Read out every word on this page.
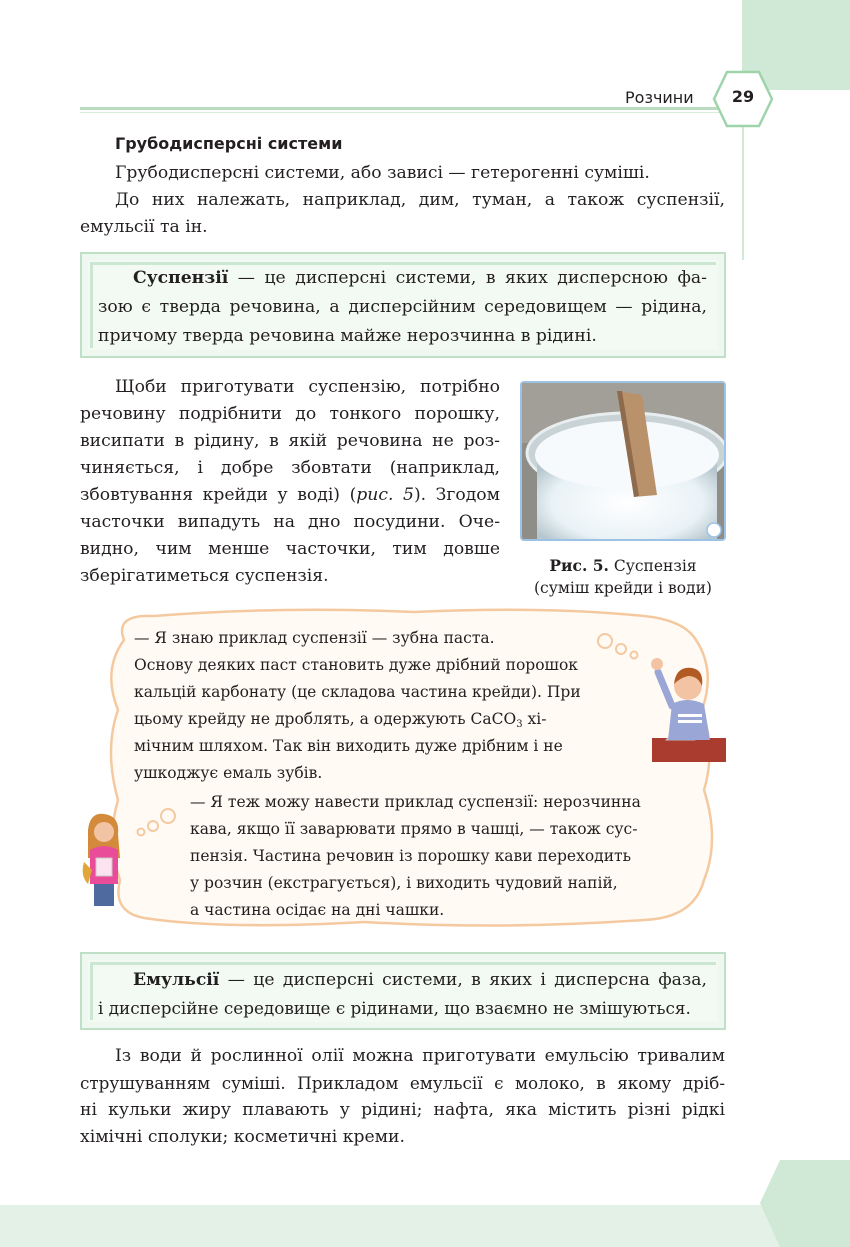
Розчини	29
Грубодисперсні системи
Грубодисперсні системи, або зависі — гетерогенні суміші.
До них належать, наприклад, дим, туман, а також суспензії,
емульсії та ін.
Суспензії — це дисперсні системи, в яких дисперсною фа-
зою є тверда речовина, а дисперсійним середовищем — рідина,
причому тверда речовина майже нерозчинна в рідині.
Щоби приготувати суспензію, потрібно
речовину подрібнити до тонкого порошку,
висипати в рідину, в якій речовина не роз-
чиняється, і добре збовтати (наприклад,
збовтування крейди у воді) (рис. 5). Згодом
часточки випадуть на дно посудини. Оче-
видно, чим менше часточки, тим довше
зберігатиметься суспензія.
Рис. 5. Суспензія
(суміш крейди і води)
— Я знаю приклад суспензії — зубна паста.
Основу деяких паст становить дуже дрібний порошок
кальцій карбонату (це складова частина крейди). При
цьому крейду не дроблять, а одержують CaCO$_3$ хі-
мічним шляхом. Так він виходить дуже дрібним і не
ушкоджує емаль зубів.
— Я теж можу навести приклад суспензії: нерозчинна
кава, якщо її заварювати прямо в чашці, — також сус-
пензія. Частина речовин із порошку кави переходить
у розчин (екстрагується), і виходить чудовий напій,
а частина осідає на дні чашки.
Емульсії — це дисперсні системи, в яких і дисперсна фаза,
і дисперсійне середовище є рідинами, що взаємно не змішуються.
Із води й рослинної олії можна приготувати емульсію тривалим
струшуванням суміші. Прикладом емульсії є молоко, в якому дріб-
ні кульки жиру плавають у рідині; нафта, яка містить різні рідкі
хімічні сполуки; косметичні креми.
